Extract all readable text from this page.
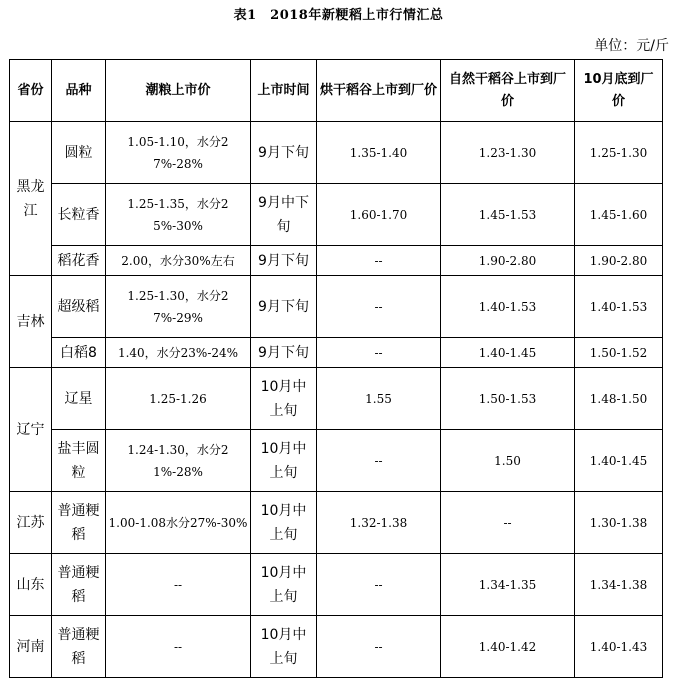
表1　2018年新粳稻上市行情汇总
单位：元/斤
省份	品种	潮粮上市价	上市时间	烘干稻谷上市到厂价	自然干稻谷上市到厂价	10月底到厂价
黑龙江	圆粒	1.05-1.10，水分27%-28%	9月下旬	1.35-1.40	1.23-1.30	1.25-1.30
	长粒香	1.25-1.35，水分25%-30%	9月中下旬	1.60-1.70	1.45-1.53	1.45-1.60
	稻花香	2.00，水分30%左右	9月下旬	--	1.90-2.80	1.90-2.80
吉林	超级稻	1.25-1.30，水分27%-29%	9月下旬	--	1.40-1.53	1.40-1.53
	白稻8	1.40，水分23%-24%	9月下旬	--	1.40-1.45	1.50-1.52
辽宁	辽星	1.25-1.26	10月中上旬	1.55	1.50-1.53	1.48-1.50
	盐丰圆粒	1.24-1.30，水分21%-28%	10月中上旬	--	1.50	1.40-1.45
江苏	普通粳稻	1.00-1.08水分27%-30%	10月中上旬	1.32-1.38	--	1.30-1.38
山东	普通粳稻	--	10月中上旬	--	1.34-1.35	1.34-1.38
河南	普通粳稻	--	10月中上旬	--	1.40-1.42	1.40-1.43
